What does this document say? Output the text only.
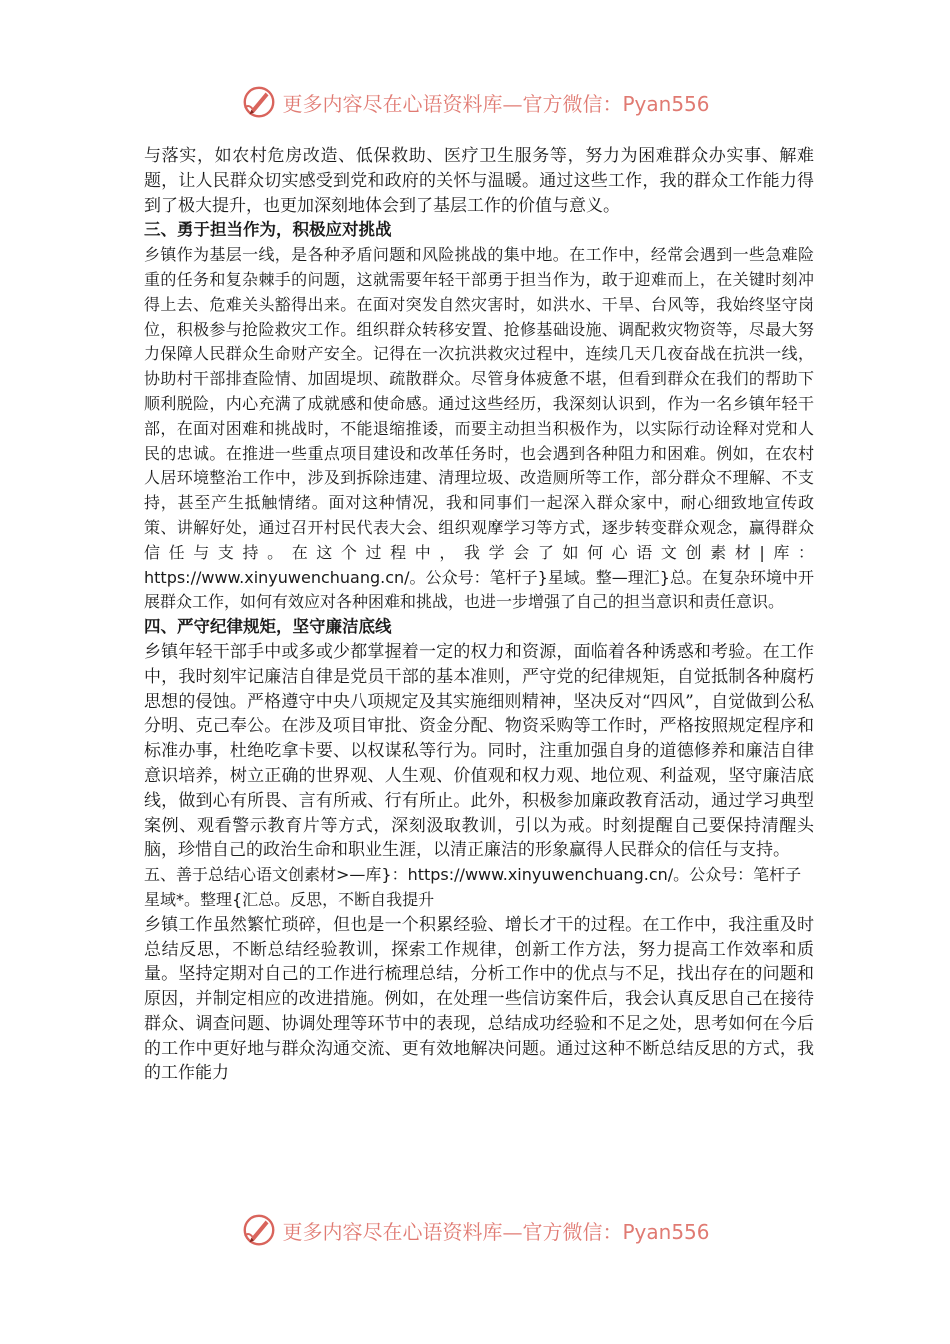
更多内容尽在心语资料库—官方微信：Pyan556

与落实，如农村危房改造、低保救助、医疗卫生服务等，努力为困难群众办实事、解难题，让人民群众切实感受到党和政府的关怀与温暖。通过这些工作，我的群众工作能力得到了极大提升，也更加深刻地体会到了基层工作的价值与意义。

三、勇于担当作为，积极应对挑战

乡镇作为基层一线，是各种矛盾问题和风险挑战的集中地。在工作中，经常会遇到一些急难险重的任务和复杂棘手的问题，这就需要年轻干部勇于担当作为，敢于迎难而上，在关键时刻冲得上去、危难关头豁得出来。在面对突发自然灾害时，如洪水、干旱、台风等，我始终坚守岗位，积极参与抢险救灾工作。组织群众转移安置、抢修基础设施、调配救灾物资等，尽最大努力保障人民群众生命财产安全。记得在一次抗洪救灾过程中，连续几天几夜奋战在抗洪一线，协助村干部排查险情、加固堤坝、疏散群众。尽管身体疲惫不堪，但看到群众在我们的帮助下顺利脱险，内心充满了成就感和使命感。通过这些经历，我深刻认识到，作为一名乡镇年轻干部，在面对困难和挑战时，不能退缩推诿，而要主动担当积极作为，以实际行动诠释对党和人民的忠诚。在推进一些重点项目建设和改革任务时，也会遇到各种阻力和困难。例如，在农村人居环境整治工作中，涉及到拆除违建、清理垃圾、改造厕所等工作，部分群众不理解、不支持，甚至产生抵触情绪。面对这种情况，我和同事们一起深入群众家中，耐心细致地宣传政策、讲解好处，通过召开村民代表大会、组织观摩学习等方式，逐步转变群众观念，赢得群众信任与支持。在这个过程中，我学会了如何心语文创素材|库：https://www.xinyuwenchuang.cn/。公众号：笔杆子}星域。整—理汇}总。在复杂环境中开展群众工作，如何有效应对各种困难和挑战，也进一步增强了自己的担当意识和责任意识。

四、严守纪律规矩，坚守廉洁底线

乡镇年轻干部手中或多或少都掌握着一定的权力和资源，面临着各种诱惑和考验。在工作中，我时刻牢记廉洁自律是党员干部的基本准则，严守党的纪律规矩，自觉抵制各种腐朽思想的侵蚀。严格遵守中央八项规定及其实施细则精神，坚决反对“四风”，自觉做到公私分明、克己奉公。在涉及项目审批、资金分配、物资采购等工作时，严格按照规定程序和标准办事，杜绝吃拿卡要、以权谋私等行为。同时，注重加强自身的道德修养和廉洁自律意识培养，树立正确的世界观、人生观、价值观和权力观、地位观、利益观，坚守廉洁底线，做到心有所畏、言有所戒、行有所止。此外，积极参加廉政教育活动，通过学习典型案例、观看警示教育片等方式，深刻汲取教训，引以为戒。时刻提醒自己要保持清醒头脑，珍惜自己的政治生命和职业生涯，以清正廉洁的形象赢得人民群众的信任与支持。

五、善于总结心语文创素材>—库}：https://www.xinyuwenchuang.cn/。公众号：笔杆子星域*。整理{汇总。反思，不断自我提升

乡镇工作虽然繁忙琐碎，但也是一个积累经验、增长才干的过程。在工作中，我注重及时总结反思，不断总结经验教训，探索工作规律，创新工作方法，努力提高工作效率和质量。坚持定期对自己的工作进行梳理总结，分析工作中的优点与不足，找出存在的问题和原因，并制定相应的改进措施。例如，在处理一些信访案件后，我会认真反思自己在接待群众、调查问题、协调处理等环节中的表现，总结成功经验和不足之处，思考如何在今后的工作中更好地与群众沟通交流、更有效地解决问题。通过这种不断总结反思的方式，我的工作能力

更多内容尽在心语资料库—官方微信：Pyan556
